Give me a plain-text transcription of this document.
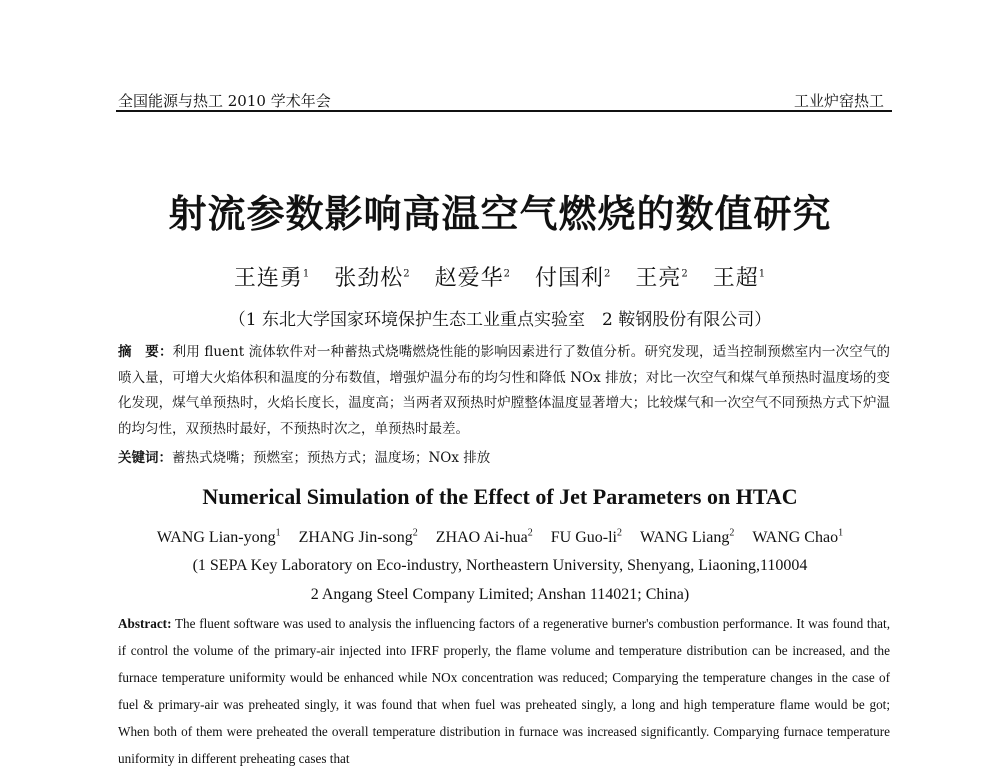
全国能源与热工 2010 学术年会	工业炉窑热工
射流参数影响高温空气燃烧的数值研究
王连勇$^1$ 张劲松$^2$ 赵爱华$^2$ 付国利$^2$ 王亮$^2$ 王超$^1$
（1 东北大学国家环境保护生态工业重点实验室　2 鞍钢股份有限公司）
摘　要：利用 fluent 流体软件对一种蓄热式烧嘴燃烧性能的影响因素进行了数值分析。研究发现，适当控制预燃室内一次空气的喷入量，可增大火焰体积和温度的分布数值，增强炉温分布的均匀性和降低 NOx 排放；对比一次空气和煤气单预热时温度场的变化发现，煤气单预热时，火焰长度长，温度高；当两者双预热时炉膛整体温度显著增大；比较煤气和一次空气不同预热方式下炉温的均匀性，双预热时最好，不预热时次之，单预热时最差。
关键词：蓄热式烧嘴；预燃室；预热方式；温度场；NOx 排放
Numerical Simulation of the Effect of Jet Parameters on HTAC
WANG Lian-yong$^1$ ZHANG Jin-song$^2$ ZHAO Ai-hua$^2$ FU Guo-$li^2$ WANG Liang$^2$ WANG Chao$^1$
(1 SEPA Key Laboratory on Eco-industry, Northeastern University, Shenyang, Liaoning,110004
2 Angang Steel Company Limited; Anshan 114021; China)
Abstract: The fluent software was used to analysis the influencing factors of a regenerative burner's combustion performance. It was found that, if control the volume of the primary-air injected into IFRF properly, the flame volume and temperature distribution can be increased, and the furnace temperature uniformity would be enhanced while NOx concentration was reduced; Comparying the temperature changes in the case of fuel & primary-air was preheated singly, it was found that when fuel was preheated singly, a long and high temperature flame would be got; When both of them were preheated the overall temperature distribution in furnace was increased significantly. Comparying furnace temperature uniformity in different preheating cases that
